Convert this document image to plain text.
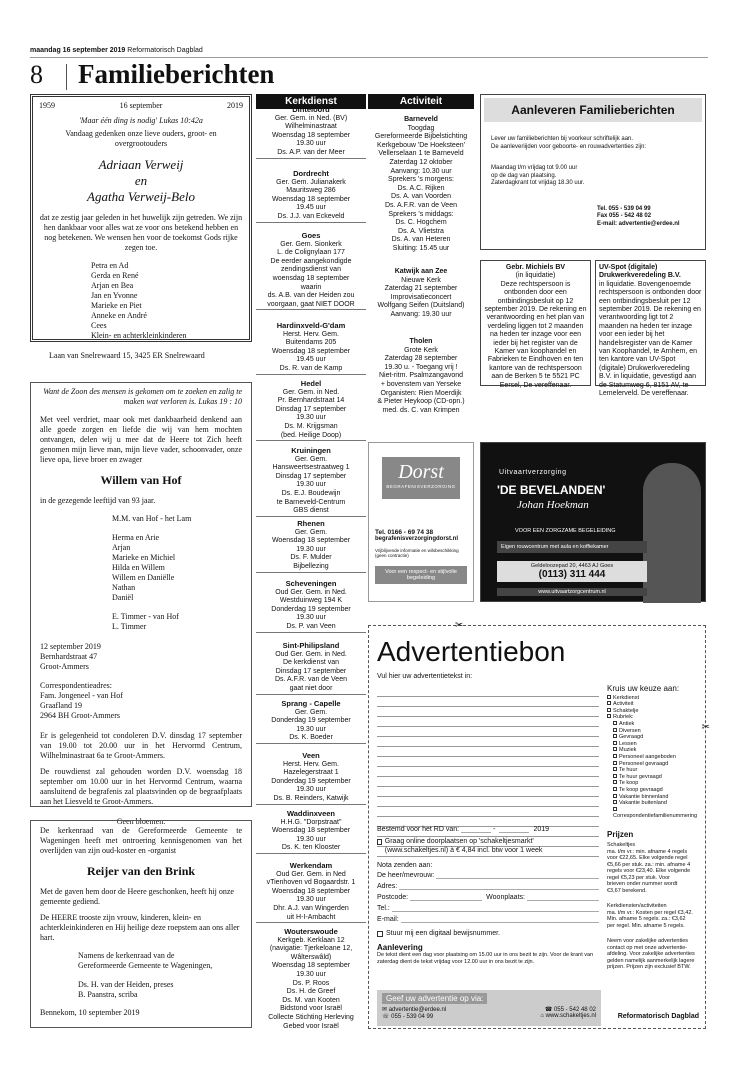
maandag 16 september 2019 Reformatorisch Dagblad
8 Familieberichten
1959	16 september	2019

'Maar één ding is nodig' Lukas 10:42a

Vandaag gedenken onze lieve ouders, groot- en overgrootouders

Adriaan Verweij
en
Agatha Verweij-Belo

dat ze zestig jaar geleden in het huwelijk zijn getreden. We zijn hen dankbaar voor alles wat ze voor ons betekend hebben en nog betekenen. We wensen hen voor de toekomst Gods rijke zegen toe.

Petra en Ad
Gerda en René
Arjan en Bea
Jan en Yvonne
Marieke en Piet
Anneke en André
Cees
Klein- en achterkleinkinderen

Laan van Snelrewaard 15, 3425 ER Snelrewaard

Want de Zoon des mensen is gekomen om te zoeken en zalig te maken wat verloren is. Lukas 19 : 10

Met veel verdriet, maar ook met dankbaarheid denkend aan alle goede zorgen en liefde die wij van hem mochten ontvangen, delen wij u mee dat de Heere tot Zich heeft genomen mijn lieve man, mijn lieve vader, schoonvader, onze lieve opa, lieve broer en zwager

Willem van Hof

in de gezegende leeftijd van 93 jaar.

M.M. van Hof - het Lam
Herma en Arie
Arjan
Marieke en Michiel
Hilda en Willem
Willem en Daniëlle
Nathan
Daniël
E. Timmer - van Hof
L. Timmer
12 september 2019
Bernhardstraat 47
Groot-Ammers
Correspondentieadres:
Fam. Jongeneel - van Hof
Graafland 19
2964 BH Groot-Ammers

Er is gelegenheid tot condoleren D.V. dinsdag 17 september van 19.00 tot 20.00 uur in het Hervormd Centrum, Wilhelminastraat 6a te Groot-Ammers.

De rouwdienst zal gehouden worden D.V. woensdag 18 september om 10.00 uur in het Hervormd Centrum, waarna aansluitend de begrafenis zal plaatsvinden op de begraafplaats aan het Liesveld te Groot-Ammers.

Geen bloemen.

De kerkenraad van de Gereformeerde Gemeente te Wageningen heeft met ontroering kennisgenomen van het overlijden van zijn oud-koster en -organist

Reijer van den Brink

Met de gaven hem door de Heere geschonken, heeft hij onze gemeente gediend.

De HEERE trooste zijn vrouw, kinderen, klein- en achterkleinkinderen en Hij heilige deze roepstem aan ons aller hart.

Namens de kerkenraad van de
Gereformeerde Gemeente te Wageningen,
Ds. H. van der Heiden, preses
B. Paanstra, scriba

Bennekom, 10 september 2019

Kerkdienst
Dinteloord
Ger. Gem. in Ned. (BV)
Wilhelminastraat
Woensdag 18 september
19.30 uur
Ds. A.P. van der Meer
Dordrecht
Ger. Gem. Julianakerk
Mauritsweg 286
Woensdag 18 september
19.45 uur
Ds. J.J. van Eckeveld
Goes
Ger. Gem. Sionkerk
L. de Colignylaan 177
De eerder aangekondigde
zendingsdienst van
woensdag 18 september
waarin
ds. A.B. van der Heiden zou
voorgaan, gaat NIET DOOR
Hardinxveld-G'dam
Herst. Herv. Gem.
Buitendams 205
Woensdag 18 september
19.45 uur
Ds. R. van de Kamp
Hedel
Ger. Gem. in Ned.
Pr. Bernhardstraat 14
Dinsdag 17 september
19.30 uur
Ds. M. Krijgsman
(bed. Heilige Doop)
Kruiningen
Ger. Gem.
Hansweertsestraatweg 1
Dinsdag 17 september
19.30 uur
Ds. E.J. Boudewijn
te Barneveld-Centrum
GBS dienst
Rhenen
Ger. Gem.
Woensdag 18 september
19.30 uur
Ds. F. Mulder
Bijbellezing
Scheveningen
Oud Ger. Gem. in Ned.
Westduinweg 194 K
Donderdag 19 september
19.30 uur
Ds. P. van Veen
Sint-Philipsland
Oud Ger. Gem. in Ned.
De kerkdienst van
Dinsdag 17 september
Ds. A.F.R. van de Veen
gaat niet door
Sprang - Capelle
Ger. Gem.
Donderdag 19 september
19.30 uur
Ds. K. Boeder
Veen
Herst. Herv. Gem.
Hazelegerstraat 1
Donderdag 19 september
19.30 uur
Ds. B. Reinders, Katwijk
Waddinxveen
H.H.G. "Dorpstraat"
Woensdag 18 september
19.30 uur
Ds. K. ten Klooster
Werkendam
Oud Ger. Gem. in Ned
vTienhoven vd Bogaardstr. 1
Woensdag 18 september
19.30 uur
Dhr. A.J. van Wingerden
uit H-I-Ambacht
Wouterswoude
Kerkgeb. Kerklaan 12
(navigatie: Tjerkeloane 12,
Wâlterswâld)
Woensdag 18 september
19.30 uur
Ds. P. Roos
Ds. H. de Greef
Ds. M. van Kooten
Bidstond voor Israël
Collecte Stichting Herleving
Gebed voor Israël
Activiteit
Barneveld
Toogdag
Gereformeerde Bijbelstichting
Kerkgebouw 'De Hoeksteen'
Vellerselaan 1 te Barneveld
Zaterdag 12 oktober
Aanvang: 10.30 uur
Sprekers 's morgens:
Ds. A.C. Rijken
Ds. A. van Voorden
Ds. A.F.R. van de Veen
Sprekers 's middags:
Ds. C. Hogchem
Ds. A. Vlietstra
Ds. A. van Heteren
Sluiting: 15.45 uur
Katwijk aan Zee
Nieuwe Kerk
Zaterdag 21 september
Improvisatieconcert
Wolfgang Seifen (Duitsland)
Aanvang: 19.30 uur
Tholen
Grote Kerk
Zaterdag 28 september
19.30 u. - Toegang vrij !
Niet-ritm. Psalmzangavond
+ bovenstem van Yerseke
Organisten: Rien Moerdijk
& Pieter Heykoop (CD-opn.)
med. ds. C. van Krimpen
Aanleveren Familieberichten
Lever uw familieberichten bij voorkeur schriftelijk aan.
De aanleveriijden voor geboorte- en rouwadvertenties zijn:
Maandag t/m vrijdag tot 9.00 uur
op de dag van plaatsing.
Zaterdagkrant tot vrijdag 18.30 uur.
Tel. 055 - 539 04 99
Fax 055 - 542 48 02
E-mail: advertentie@erdee.nl
Gebr. Michiels BV
(in liquidatie)
Deze rechtspersoon is ontbonden door een ontbindingsbesluit op 12 september 2019. De rekening en verantwoording en het plan van verdeling liggen tot 2 maanden na heden ter inzage voor een ieder bij het register van de Kamer van koophandel en Fabrieken te Eindhoven en ten kantore van de rechtspersoon aan de Berken 5 te 5521 PC Eersel, De vereffenaar.
UV-Spot (digitale) Drukwerkveredeling B.V.
in liquidatie. Bovengenoemde rechtspersoon is ontbonden door een ontbindingsbesluit per 12 september 2019. De rekening en verantwoording ligt tot 2 maanden na heden ter inzage voor een ieder bij het handelsregister van de Kamer van Koophandel, te Arnhem, en ten kantore van UV-Spot (digitale) Drukwerkveredeling B.V. in liquidatie, gevestigd aan de Statumweg 6, 8151 AV, te Lemelerveld. De vereffenaar.
Dorst
BEGRAFENISVERZORGING
Tel. 0166 - 69 74 38
begrafenisverzorgingdorst.nl
Vrijblijvende informatie en wilsbeschikking (geen contractie)
Voor een respect- en stijlvolle begeleiding
Uitvaartverzorging
'DE BEVELANDEN'
Johan Hoekman
VOOR EEN ZORGZAME BEGELEIDING
Eigen rouwcentrum met aula en koffiekamer
Geldeloozepad 20, 4463 AJ Goes
(0113) 311 444
www.uitvaartzorgcentrum.nl
✂
✂
Advertentiebon
Vul hier uw advertentietekst in:
Kruis uw keuze aan:
Kerkdienst
Activiteit
Schaktelje
Rubriek:
Antiek
Diversen
Gevraagd
Lessen
Muziek
Personeel aangeboden
Personeel gevraagd
Te huur
Te huur gevraagd
Te koop
Te koop gevraagd
Vakantie binnenland
Vakantie buitenland
Correspondentiefamilienummering
Prijzen
Schakeltjes
ma. t/m vr.: min. afname 4 regels
voor €22,65. Elke volgende regel
€5,66 per stuk. za.: min. afname 4
regels voor €23,40. Elke volgende
regel €5,23 per stuk. Voor
brieven onder nummer wordt
€3,67 berekend.
Kerkdiensten/activiteiten
ma. t/m vr.: Kosten per regel €3,42.
Min. afname 5 regels. za.: €3,62
per regel. Min. afname 5 regels.
Neem voor zakelijke advertenties
contact op met onze advertentie-
afdeling. Voor zakelijke advertenties
gelden namelijk aanmerkelijk lagere
prijzen. Prijzen zijn exclusief BTW.
Bestemd voor het RD van:	-	2019
Graag online doorplaatsen op 'schakeltjesmarkt' (www.schakeltjes.nl) à € 4,84 incl. btw voor 1 week
Nota zenden aan:
De heer/mevrouw:
Adres:
Postcode:	Woonplaats:
Tel.:
E-mail:
Stuur mij een digitaal bewijsnummer.
Aanlevering
De tekst dient een dag voor plaatsing om 15.00 uur in ons bezit te zijn. Voor de krant van zaterdag dient de tekst vrijdag voor 12.00 uur in ons bezit te zijn.
Geef uw advertentie op via:
✉ advertentie@erdee.nl	☎ 055 - 542 48 02
☏ 055 - 539 04 99	⌂ www.schakeltjes.nl	Reformatorisch Dagblad
